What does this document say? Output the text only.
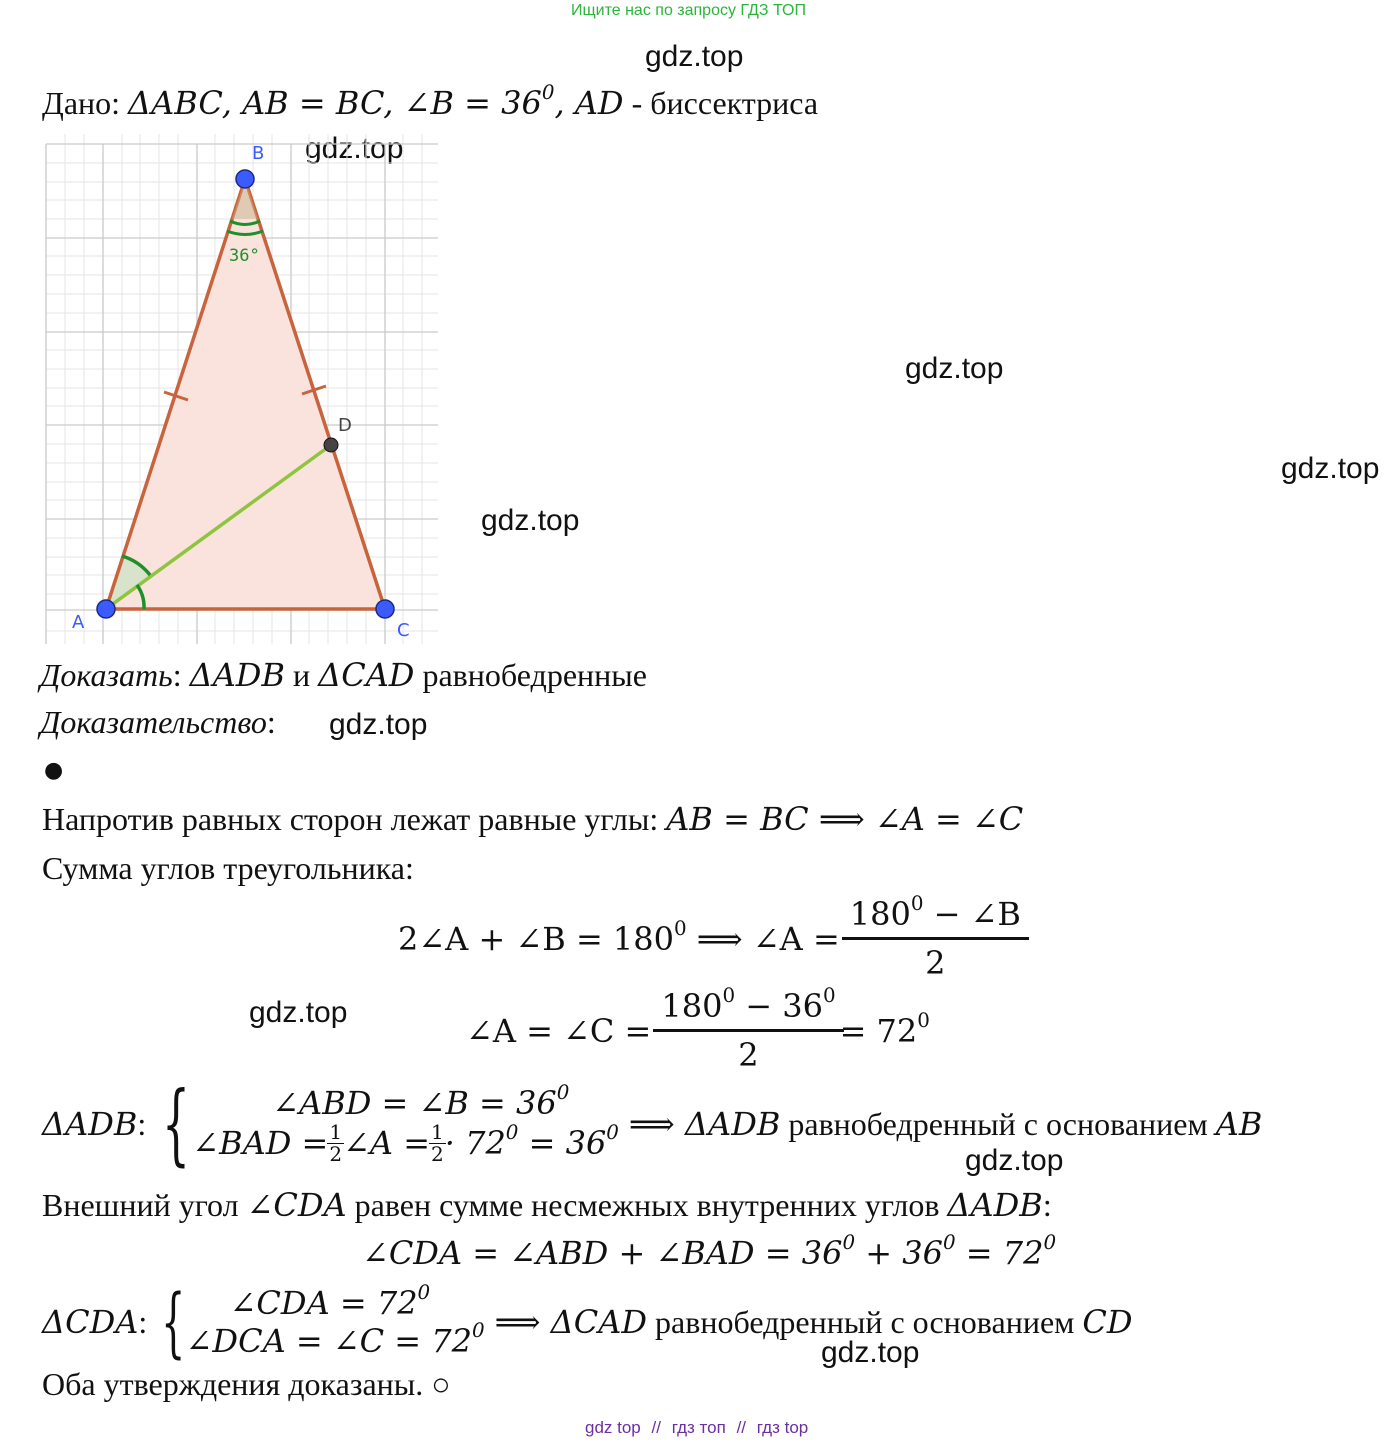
Ищите нас по запросу ГДЗ ТОП
gdz.top
gdz.top
gdz.top
gdz.top
gdz.top
gdz.top
gdz.top
gdz.top
gdz.top
Дано: ΔABC, AB = BC, ∠B = $36^0$, AD - биссектриса
36°
B
A	C
D
Доказать: ΔADB и ΔCAD равнобедренные
Доказательство:
●
Напротив равных сторон лежат равные углы: AB = BC ⟹ ∠A = ∠C
Сумма углов треугольника:
2∠A + ∠B = $180^0$ ⟹ ∠A = $\frac{180^0 - \angle B}{2}$
∠A = ∠C = $\frac{180^0 - 36^0}{2} = 72^0$
ΔADB : {	∠ABD = ∠B = $36^0$
∠BAD = $\frac{1}{2}$ ∠A = $\frac{1}{2} \cdot 72^0 = 36^0$ ⟹ ΔADB равнобедренный с основанием AB
Внешний угол ∠CDA равен сумме несмежных внутренних углов ΔADB:
∠CDA = ∠ABD + ∠BAD = $36^0 + 36^0 = 72^0$
ΔCDA : { ∠CDA = $72^0$
∠DCA = ∠C = $72^0$ ⟹ ΔCAD равнобедренный с основанием CD
Оба утверждения доказаны. ○
gdz top // гдз топ // гдз top
